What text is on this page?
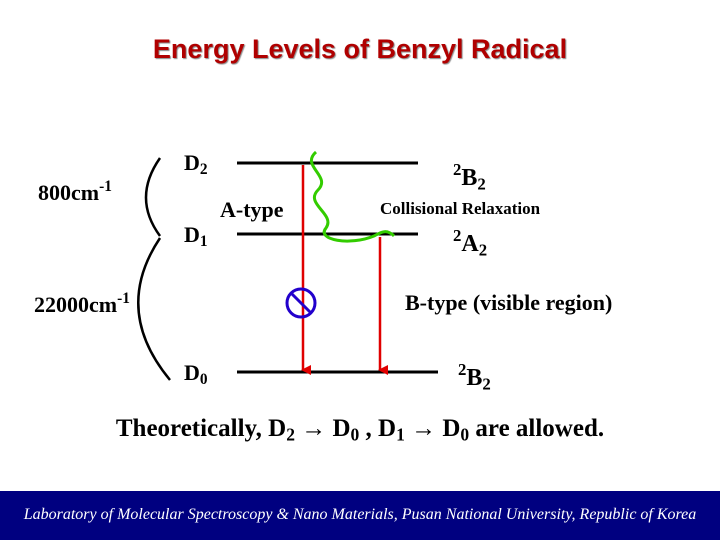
Energy Levels of Benzyl Radical
$800cm^{-1}$
$22000cm^{-1}$
$D_2$
$D_1$
$D_0$
$^2B_2$
$^2A_2$
$^2B_2$
A-type	Collisional Relaxation
B-type (visible region)
Theoretically, $D_2 \to D_0$ , $D_1 \to D_0$ are allowed.
Laboratory of Molecular Spectroscopy & Nano Materials, Pusan National University, Republic of Korea
